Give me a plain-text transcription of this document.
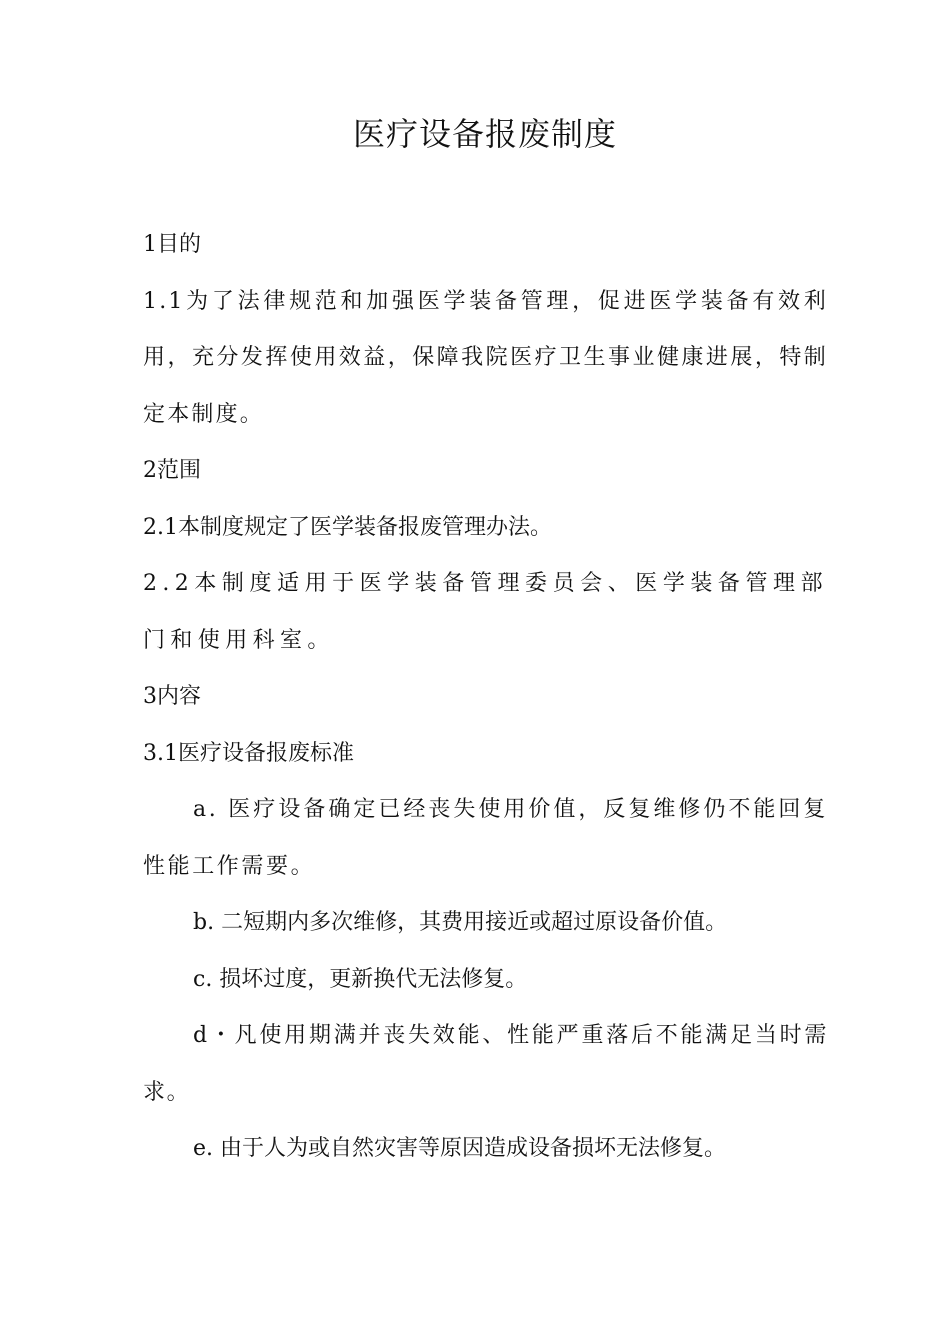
医疗设备报废制度

1目的

1.1为了法律规范和加强医学装备管理，促进医学装备有效利用，充分发挥使用效益，保障我院医疗卫生事业健康进展，特制定本制度。

2范围

2.1本制度规定了医学装备报废管理办法。

2.2本制度适用于医学装备管理委员会、医学装备管理部门和使用科室。

3内容

3.1医疗设备报废标准

a. 医疗设备确定已经丧失使用价值，反复维修仍不能回复性能工作需要。

b. 二短期内多次维修，其费用接近或超过原设备价值。

c. 损坏过度，更新换代无法修复。

d・凡使用期满并丧失效能、性能严重落后不能满足当时需求。

e. 由于人为或自然灾害等原因造成设备损坏无法修复。
